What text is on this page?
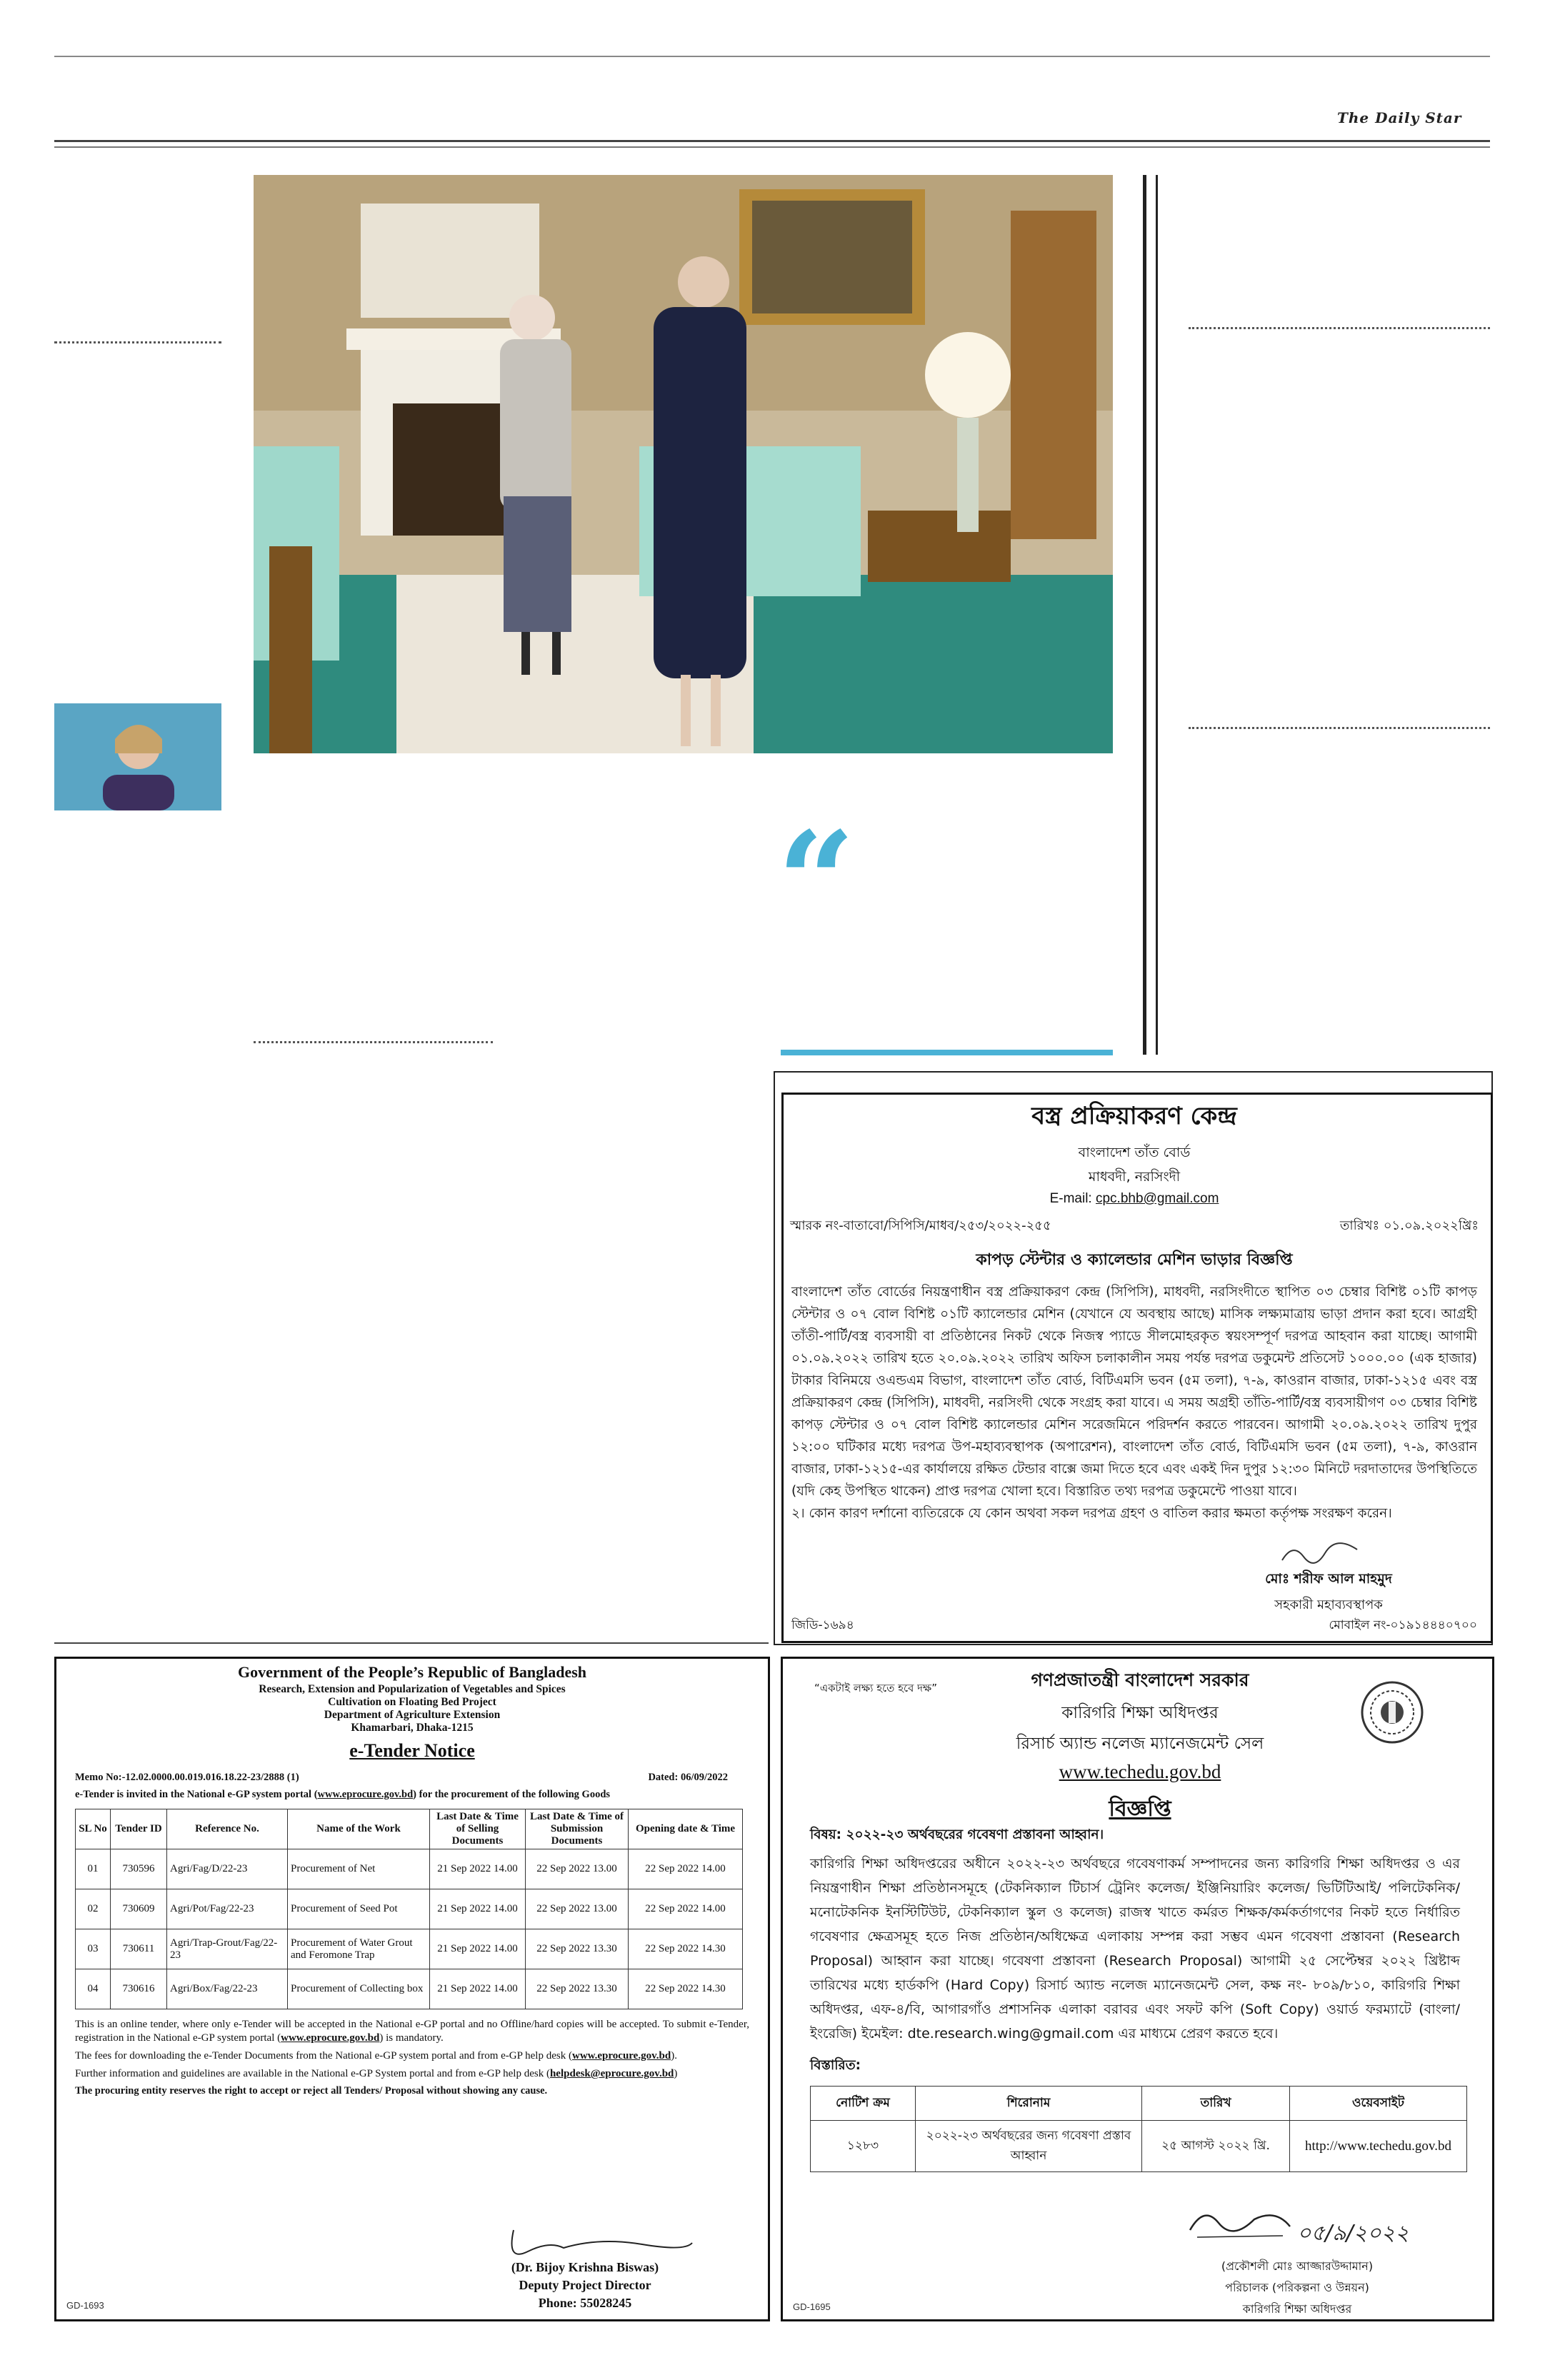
The Daily Star
“
বস্ত্র প্রক্রিয়াকরণ কেন্দ্র
বাংলাদেশ তাঁত বোর্ড
মাধবদী, নরসিংদী
E-mail: cpc.bhb@gmail.com
স্মারক নং-বাতাবো/সিপিসি/মাধব/২৫৩/২০২২-২৫৫	তারিখঃ ০১.০৯.২০২২খ্রিঃ
কাপড় স্টেন্টার ও ক্যালেন্ডার মেশিন ভাড়ার বিজ্ঞপ্তি
বাংলাদেশ তাঁত বোর্ডের নিয়ন্ত্রণাধীন বস্ত্র প্রক্রিয়াকরণ কেন্দ্র (সিপিসি), মাধবদী, নরসিংদীতে স্থাপিত ০৩ চেম্বার বিশিষ্ট ০১টি কাপড় স্টেন্টার ও ০৭ বোল বিশিষ্ট ০১টি ক্যালেন্ডার মেশিন (যেখানে যে অবস্থায় আছে) মাসিক লক্ষ্যমাত্রায় ভাড়া প্রদান করা হবে। আগ্রহী তাঁতী-পার্টি/বস্ত্র ব্যবসায়ী বা প্রতিষ্ঠানের নিকট থেকে নিজস্ব প্যাডে সীলমোহরকৃত স্বয়ংসম্পূর্ণ দরপত্র আহবান করা যাচ্ছে। আগামী ০১.০৯.২০২২ তারিখ হতে ২০.০৯.২০২২ তারিখ অফিস চলাকালীন সময় পর্যন্ত দরপত্র ডকুমেন্ট প্রতিসেট ১০০০.০০ (এক হাজার) টাকার বিনিময়ে ওএন্ডএম বিভাগ, বাংলাদেশ তাঁত বোর্ড, বিটিএমসি ভবন (৫ম তলা), ৭-৯, কাওরান বাজার, ঢাকা-১২১৫ এবং বস্ত্র প্রক্রিয়াকরণ কেন্দ্র (সিপিসি), মাধবদী, নরসিংদী থেকে সংগ্রহ করা যাবে। এ সময় অগ্রহী তাঁতি-পার্টি/বস্ত্র ব্যবসায়ীগণ ০৩ চেম্বার বিশিষ্ট কাপড় স্টেন্টার ও ০৭ বোল বিশিষ্ট ক্যালেন্ডার মেশিন সরেজমিনে পরিদর্শন করতে পারবেন। আগামী ২০.০৯.২০২২ তারিখ দুপুর ১২:০০ ঘটিকার মধ্যে দরপত্র উপ-মহাব্যবস্থাপক (অপারেশন), বাংলাদেশ তাঁত বোর্ড, বিটিএমসি ভবন (৫ম তলা), ৭-৯, কাওরান বাজার, ঢাকা-১২১৫-এর কার্যালয়ে রক্ষিত টেন্ডার বাক্সে জমা দিতে হবে এবং একই দিন দুপুর ১২:৩০ মিনিটে দরদাতাদের উপস্থিতিতে (যদি কেহ উপস্থিত থাকেন) প্রাপ্ত দরপত্র খোলা হবে। বিস্তারিত তথ্য দরপত্র ডকুমেন্টে পাওয়া যাবে।
২। কোন কারণ দর্শানো ব্যতিরেকে যে কোন অথবা সকল দরপত্র গ্রহণ ও বাতিল করার ক্ষমতা কর্তৃপক্ষ সংরক্ষণ করেন।
মোঃ শরীফ আল মাহমুদ
সহকারী মহাব্যবস্থাপক
জিডি-১৬৯৪	মোবাইল নং-০১৯১৪৪৪০৭০০
Government of the People’s Republic of Bangladesh
Research, Extension and Popularization of Vegetables and Spices
Cultivation on Floating Bed Project
Department of Agriculture Extension
Khamarbari, Dhaka-1215
e-Tender Notice
Memo No:-12.02.0000.00.019.016.18.22-23/2888 (1)	Dated: 06/09/2022
e-Tender is invited in the National e-GP system portal (www.eprocure.gov.bd) for the procurement of the following Goods
SL No	Tender ID	Reference No.	Name of the Work	Last Date & Time of Selling Documents	Last Date & Time of Submission Documents	Opening date & Time
01	730596	Agri/Fag/D/22-23	Procurement of Net	21 Sep 2022 14.00	22 Sep 2022 13.00	22 Sep 2022 14.00
02	730609	Agri/Pot/Fag/22-23	Procurement of Seed Pot	21 Sep 2022 14.00	22 Sep 2022 13.00	22 Sep 2022 14.00
03	730611	Agri/Trap-Grout/Fag/22-23	Procurement of Water Grout and Feromone Trap	21 Sep 2022 14.00	22 Sep 2022 13.30	22 Sep 2022 14.30
04	730616	Agri/Box/Fag/22-23	Procurement of Collecting box	21 Sep 2022 14.00	22 Sep 2022 13.30	22 Sep 2022 14.30
This is an online tender, where only e-Tender will be accepted in the National e-GP portal and no Offline/hard copies will be accepted. To submit e-Tender, registration in the National e-GP system portal (www.eprocure.gov.bd) is mandatory.
The fees for downloading the e-Tender Documents from the National e-GP system portal and from e-GP help desk (www.eprocure.gov.bd).
Further information and guidelines are available in the National e-GP System portal and from e-GP help desk (helpdesk@eprocure.gov.bd)
The procuring entity reserves the right to accept or reject all Tenders/ Proposal without showing any cause.
(Dr. Bijoy Krishna Biswas)
Deputy Project Director
Phone: 55028245
GD-1693
“একটাই লক্ষ্য হতে হবে দক্ষ”	গণপ্রজাতন্ত্রী বাংলাদেশ সরকার
কারিগরি শিক্ষা অধিদপ্তর
রিসার্চ অ্যান্ড নলেজ ম্যানেজমেন্ট সেল
www.techedu.gov.bd
বিজ্ঞপ্তি
বিষয়: ২০২২-২৩ অর্থবছরের গবেষণা প্রস্তাবনা আহ্বান।
কারিগরি শিক্ষা অধিদপ্তরের অধীনে ২০২২-২৩ অর্থবছরে গবেষণাকর্ম সম্পাদনের জন্য কারিগরি শিক্ষা অধিদপ্তর ও এর নিয়ন্ত্রণাধীন শিক্ষা প্রতিষ্ঠানসমূহে (টেকনিক্যাল টিচার্স ট্রেনিং কলেজ/ ইঞ্জিনিয়ারিং কলেজ/ ভিটিটিআই/ পলিটেকনিক/ মনোটেকনিক ইনস্টিটিউট, টেকনিক্যাল স্কুল ও কলেজ) রাজস্ব খাতে কর্মরত শিক্ষক/কর্মকর্তাগণের নিকট হতে নির্ধারিত গবেষণার ক্ষেত্রসমূহ হতে নিজ প্রতিষ্ঠান/অধিক্ষেত্র এলাকায় সম্পন্ন করা সম্ভব এমন গবেষণা প্রস্তাবনা (Research Proposal) আহ্বান করা যাচ্ছে। গবেষণা প্রস্তাবনা (Research Proposal) আগামী ২৫ সেপ্টেম্বর ২০২২ খ্রিষ্টাব্দ তারিখের মধ্যে হার্ডকপি (Hard Copy) রিসার্চ অ্যান্ড নলেজ ম্যানেজমেন্ট সেল, কক্ষ নং- ৮০৯/৮১০, কারিগরি শিক্ষা অধিদপ্তর, এফ-৪/বি, আগারগাঁও প্রশাসনিক এলাকা বরাবর এবং সফট কপি (Soft Copy) ওয়ার্ড ফরম্যাটে (বাংলা/ইংরেজি) ইমেইল: dte.research.wing@gmail.com এর মাধ্যমে প্রেরণ করতে হবে।
বিস্তারিত:
নোটিশ ক্রম	শিরোনাম	তারিখ	ওয়েবসাইট
১২৮৩	২০২২-২৩ অর্থবছরের জন্য গবেষণা প্রস্তাব আহ্বান	২৫ আগস্ট ২০২২ খ্রি.	http://www.techedu.gov.bd
০৫/৯/২০২২
(প্রকৌশলী মোঃ আজ্জারউদ্দামান)
পরিচালক (পরিকল্পনা ও উন্নয়ন)
কারিগরি শিক্ষা অধিদপ্তর
GD-1695
